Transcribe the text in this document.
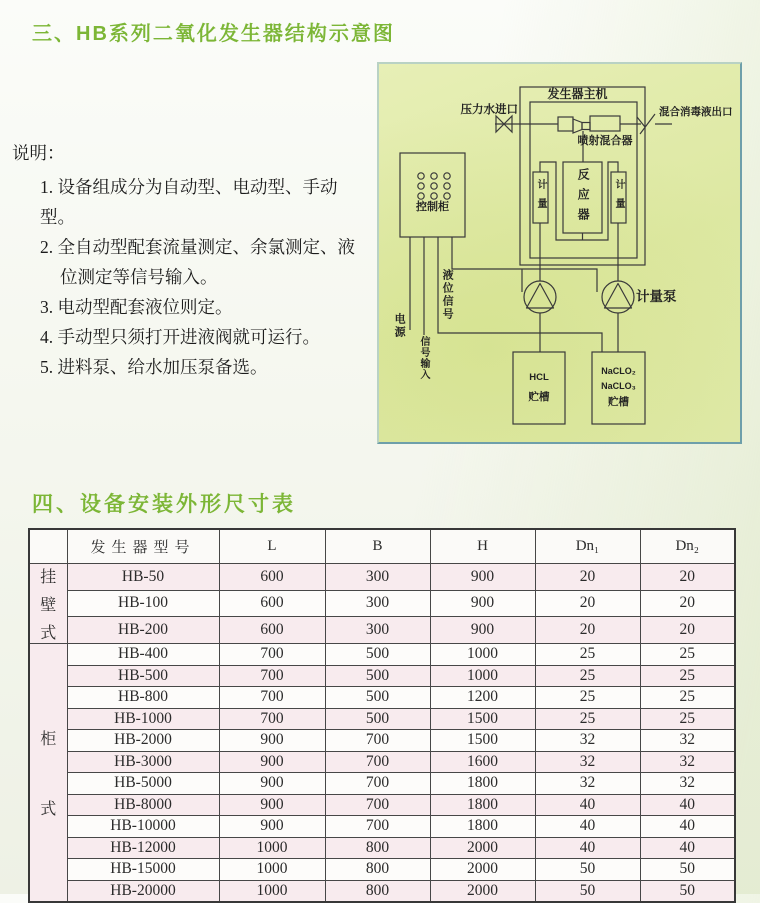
三、HB系列二氧化发生器结构示意图
说明：
1. 设备组成分为自动型、电动型、手动型。
2. 全自动型配套流量测定、余氯测定、液
位测定等信号输入。
3. 电动型配套液位则定。
4. 手动型只须打开进液阀就可运行。
5. 进料泵、给水加压泵备选。
发生器主机
压力水进口	混合消毒液出口
喷射混合器
反应器
计量	计量
计量泵
控制柜
电源
信号输入
液位信号
HCL
贮槽
NaCLO₂
NaCLO₃
贮槽
四、设备安装外形尺寸表
	发生器型号	L	B	H	Dn₁	Dn₂

挂
壁
式	HB-50	600	300	900	20	20
	HB-100	600	300	900	20	20
	HB-200	600	300	900	20	20

柜
式	HB-400	700	500	1000	25	25
	HB-500	700	500	1000	25	25
	HB-800	700	500	1200	25	25
	HB-1000	700	500	1500	25	25
	HB-2000	900	700	1500	32	32
	HB-3000	900	700	1600	32	32
	HB-5000	900	700	1800	32	32
	HB-8000	900	700	1800	40	40
	HB-10000	900	700	1800	40	40
	HB-12000	1000	800	2000	40	40
	HB-15000	1000	800	2000	50	50
	HB-20000	1000	800	2000	50	50
